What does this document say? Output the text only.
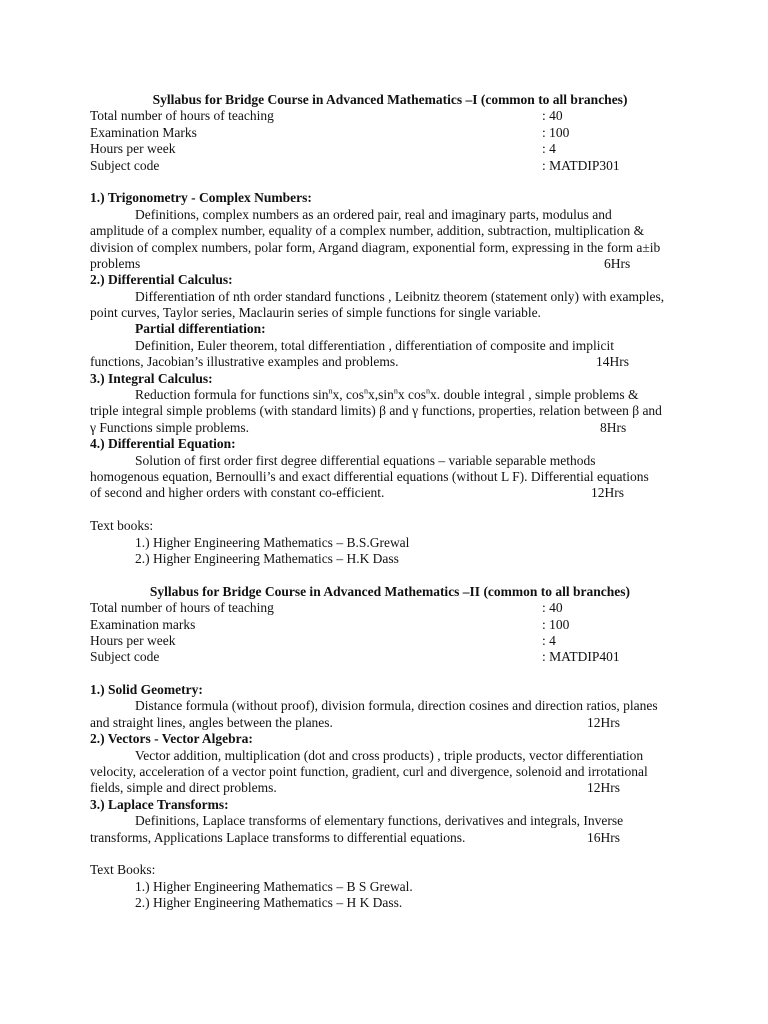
Syllabus for Bridge Course in Advanced Mathematics –I (common to all branches)
Total number of hours of teaching	: 40
Examination Marks	: 100
Hours per week	: 4
Subject code	: MATDIP301
1.) Trigonometry - Complex Numbers:
Definitions, complex numbers as an ordered pair, real and imaginary parts, modulus and
amplitude of a complex number, equality of a complex number, addition, subtraction, multiplication &
division of complex numbers, polar form, Argand diagram, exponential form, expressing in the form a±ib
problems	6Hrs
2.) Differential Calculus:
Differentiation of nth order standard functions , Leibnitz theorem (statement only) with examples,
point curves, Taylor series, Maclaurin series of simple functions for single variable.
Partial differentiation:
Definition, Euler theorem, total differentiation , differentiation of composite and implicit
functions, Jacobian’s illustrative examples and problems.	14Hrs
3.) Integral Calculus:
Reduction formula for functions $\sin^nx$, $\cos^nx,\sin^nx$ $\cos^nx$. double integral , simple problems &
triple integral simple problems (with standard limits) β and γ functions, properties, relation between β and
γ Functions simple problems.	8Hrs
4.) Differential Equation:
Solution of first order first degree differential equations – variable separable methods
homogenous equation, Bernoulli’s and exact differential equations (without L F). Differential equations
of second and higher orders with constant co-efficient.	12Hrs
Text books:
1.) Higher Engineering Mathematics – B.S.Grewal
2.) Higher Engineering Mathematics – H.K Dass
Syllabus for Bridge Course in Advanced Mathematics –II (common to all branches)
Total number of hours of teaching	: 40
Examination marks	: 100
Hours per week	: 4
Subject code	: MATDIP401
1.) Solid Geometry:
Distance formula (without proof), division formula, direction cosines and direction ratios, planes
and straight lines, angles between the planes.	12Hrs
2.) Vectors - Vector Algebra:
Vector addition, multiplication (dot and cross products) , triple products, vector differentiation
velocity, acceleration of a vector point function, gradient, curl and divergence, solenoid and irrotational
fields, simple and direct problems.	12Hrs
3.) Laplace Transforms:
Definitions, Laplace transforms of elementary functions, derivatives and integrals, Inverse
transforms, Applications Laplace transforms to differential equations.	16Hrs
Text Books:
1.) Higher Engineering Mathematics – B S Grewal.
2.) Higher Engineering Mathematics – H K Dass.
